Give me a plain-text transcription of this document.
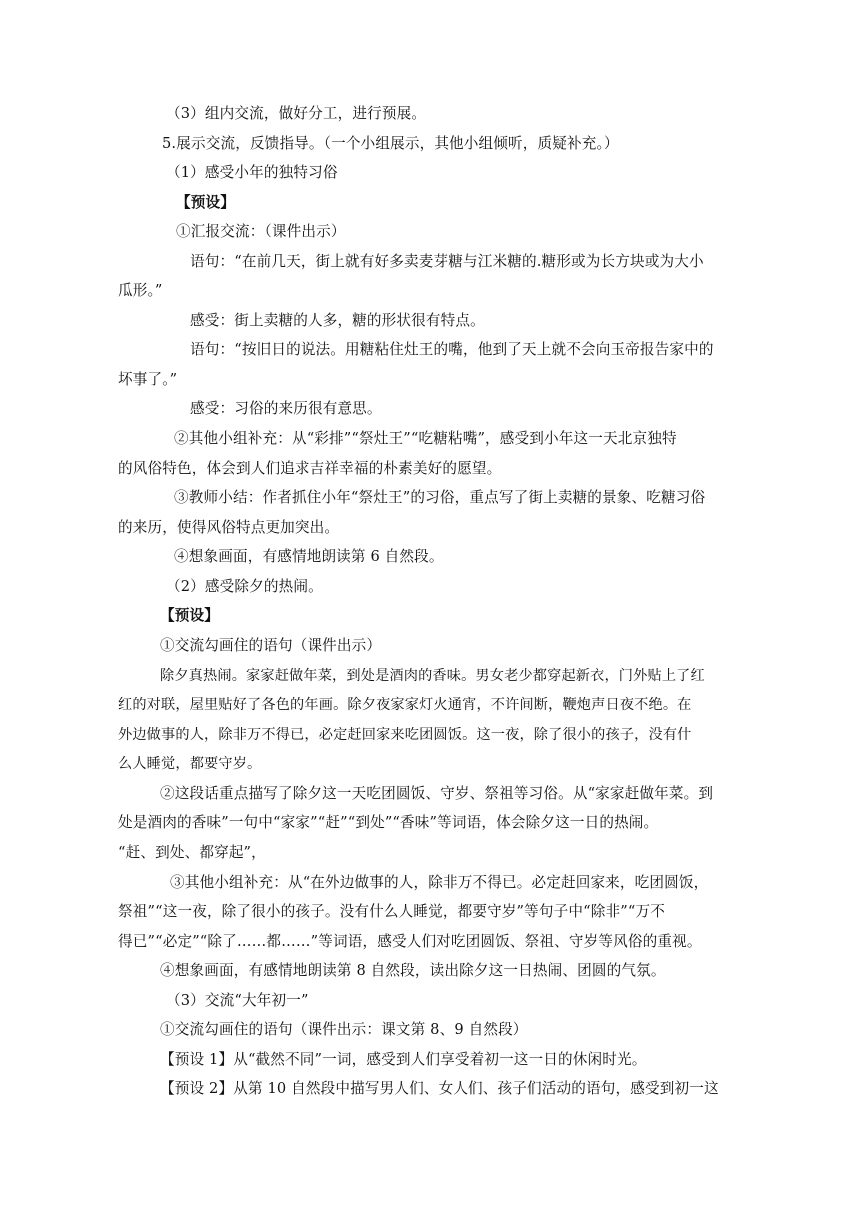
（3）组内交流，做好分工，进行预展。
5.展示交流，反馈指导。（一个小组展示，其他小组倾听，质疑补充。）
（1）感受小年的独特习俗
【预设】
①汇报交流：（课件出示）
语句：“在前几天，街上就有好多卖麦芽糖与江米糖的.糖形或为长方块或为大小
瓜形。”
感受：街上卖糖的人多，糖的形状很有特点。
语句：“按旧日的说法。用糖粘住灶王的嘴，他到了天上就不会向玉帝报告家中的
坏事了。”
感受：习俗的来历很有意思。
②其他小组补充：从“彩排”“祭灶王”“吃糖粘嘴”，感受到小年这一天北京独特
的风俗特色，体会到人们追求吉祥幸福的朴素美好的愿望。
③教师小结：作者抓住小年“祭灶王”的习俗，重点写了街上卖糖的景象、吃糖习俗
的来历，使得风俗特点更加突出。
④想象画面，有感情地朗读第 6 自然段。
（2）感受除夕的热闹。
【预设】
①交流勾画住的语句（课件出示）
除夕真热闹。家家赶做年菜，到处是酒肉的香味。男女老少都穿起新衣，门外贴上了红
红的对联，屋里贴好了各色的年画。除夕夜家家灯火通宵，不许间断，鞭炮声日夜不绝。在
外边做事的人，除非万不得已，必定赶回家来吃团圆饭。这一夜，除了很小的孩子，没有什
么人睡觉，都要守岁。
②这段话重点描写了除夕这一天吃团圆饭、守岁、祭祖等习俗。从“家家赶做年菜。到
处是酒肉的香味”一句中“家家”“赶”“到处”“香味”等词语，体会除夕这一日的热闹。
“赶、到处、都穿起”，
③其他小组补充：从“在外边做事的人，除非万不得已。必定赶回家来，吃团圆饭，
祭祖”“这一夜，除了很小的孩子。没有什么人睡觉，都要守岁”等句子中“除非”“万不
得已”“必定”“除了……都……”等词语，感受人们对吃团圆饭、祭祖、守岁等风俗的重视。
④想象画面，有感情地朗读第 8 自然段，读出除夕这一日热闹、团圆的气氛。
（3）交流“大年初一”
①交流勾画住的语句（课件出示：课文第 8、9 自然段）
【预设 1】从“截然不同”一词，感受到人们享受着初一这一日的休闲时光。
【预设 2】从第 10 自然段中描写男人们、女人们、孩子们活动的语句，感受到初一这
